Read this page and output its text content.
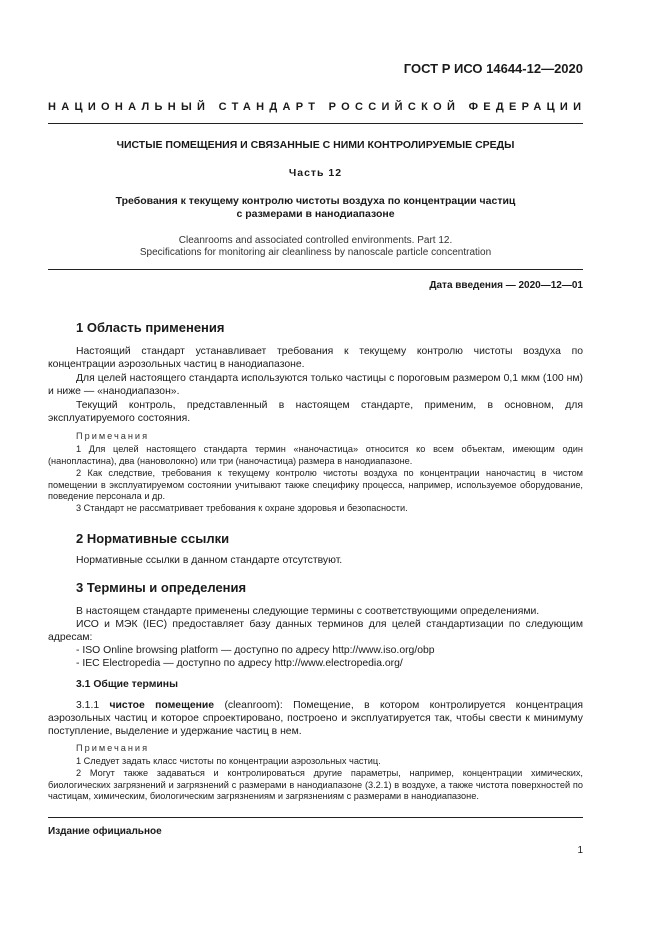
ГОСТ Р ИСО 14644-12—2020
НАЦИОНАЛЬНЫЙ СТАНДАРТ РОССИЙСКОЙ ФЕДЕРАЦИИ
ЧИСТЫЕ ПОМЕЩЕНИЯ И СВЯЗАННЫЕ С НИМИ КОНТРОЛИРУЕМЫЕ СРЕДЫ
Часть 12
Требования к текущему контролю чистоты воздуха по концентрации частиц
с размерами в нанодиапазоне
Cleanrooms and associated controlled environments. Part 12.
Specifications for monitoring air cleanliness by nanoscale particle concentration
Дата введения — 2020—12—01
1 Область применения
Настоящий стандарт устанавливает требования к текущему контролю чистоты воздуха по концентрации аэрозольных частиц в нанодиапазоне.
Для целей настоящего стандарта используются только частицы с пороговым размером 0,1 мкм (100 нм) и ниже — «нанодиапазон».
Текущий контроль, представленный в настоящем стандарте, применим, в основном, для эксплуатируемого состояния.
Примечания
1 Для целей настоящего стандарта термин «наночастица» относится ко всем объектам, имеющим один (нанопластина), два (нановолокно) или три (наночастица) размера в нанодиапазоне.
2 Как следствие, требования к текущему контролю чистоты воздуха по концентрации наночастиц в чистом помещении в эксплуатируемом состоянии учитывают также специфику процесса, например, используемое оборудование, поведение персонала и др.
3 Стандарт не рассматривает требования к охране здоровья и безопасности.
2 Нормативные ссылки
Нормативные ссылки в данном стандарте отсутствуют.
3 Термины и определения
В настоящем стандарте применены следующие термины с соответствующими определениями.
ИСО и МЭК (IEC) предоставляет базу данных терминов для целей стандартизации по следующим адресам:
- ISO Online browsing platform — доступно по адресу http://www.iso.org/obp
- IEC Electropedia — доступно по адресу http://www.electropedia.org/
3.1 Общие термины
3.1.1 чистое помещение (cleanroom): Помещение, в котором контролируется концентрация аэрозольных частиц и которое спроектировано, построено и эксплуатируется так, чтобы свести к минимуму поступление, выделение и удержание частиц в нем.
Примечания
1 Следует задать класс чистоты по концентрации аэрозольных частиц.
2 Могут также задаваться и контролироваться другие параметры, например, концентрации химических, биологических загрязнений и загрязнений с размерами в нанодиапазоне (3.2.1) в воздухе, а также чистота поверхностей по частицам, химическим, биологическим загрязнениям и загрязнениям с размерами в нанодиапазоне.
Издание официальное
1
